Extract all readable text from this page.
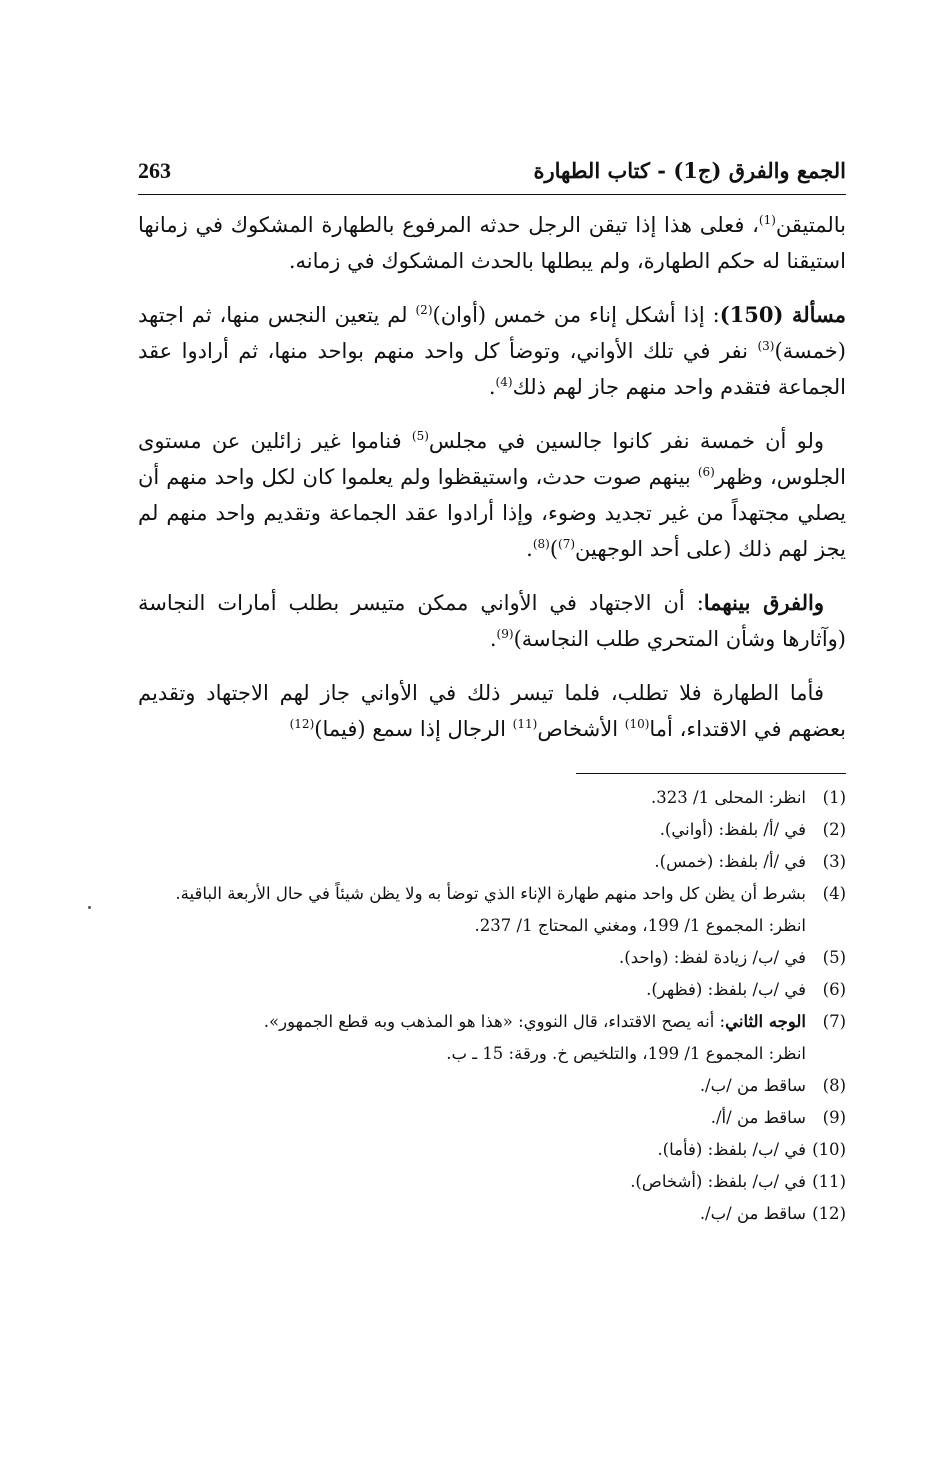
الجمع والفرق (ج1) - كتاب الطهارة
263

بالمتيقن$^{(1)}$، فعلى هذا إذا تيقن الرجل حدثه المرفوع بالطهارة المشكوك في زمانها استيقنا له حكم الطهارة، ولم يبطلها بالحدث المشكوك في زمانه.

مسألة (150): إذا أشكل إناء من خمس (أوان)$^{(2)}$ لم يتعين النجس منها، ثم اجتهد (خمسة)$^{(3)}$ نفر في تلك الأواني، وتوضأ كل واحد منهم بواحد منها، ثم أرادوا عقد الجماعة فتقدم واحد منهم جاز لهم ذلك$^{(4)}$.

ولو أن خمسة نفر كانوا جالسين في مجلس$^{(5)}$ فناموا غير زائلين عن مستوى الجلوس، وظهر$^{(6)}$ بينهم صوت حدث، واستيقظوا ولم يعلموا كان لكل واحد منهم أن يصلي مجتهداً من غير تجديد وضوء، وإذا أرادوا عقد الجماعة وتقديم واحد منهم لم يجز لهم ذلك (على أحد الوجهين$^{(7)}$)$^{(8)}$.

والفرق بينهما: أن الاجتهاد في الأواني ممكن متيسر بطلب أمارات النجاسة (وآثارها وشأن المتحري طلب النجاسة)$^{(9)}$.

فأما الطهارة فلا تطلب، فلما تيسر ذلك في الأواني جاز لهم الاجتهاد وتقديم بعضهم في الاقتداء، أما$^{(10)}$ الأشخاص$^{(11)}$ الرجال إذا سمع (فيما)$^{(12)}$

(1)
انظر: المحلى 1/ 323.
(2)
في /أ/ بلفظ: (أواني).
(3)
في /أ/ بلفظ: (خمس).
(4)
بشرط أن يظن كل واحد منهم طهارة الإناء الذي توضأ به ولا يظن شيئاً في حال الأربعة الباقية.
انظر: المجموع 1/ 199، ومغني المحتاج 1/ 237.
(5)
في /ب/ زيادة لفظ: (واحد).
(6)
في /ب/ بلفظ: (فظهر).
(7)
الوجه الثاني: أنه يصح الاقتداء، قال النووي: «هذا هو المذهب وبه قطع الجمهور».
انظر: المجموع 1/ 199، والتلخيص خ. ورقة: 15 ـ ب.
(8)
ساقط من /ب/.
(9)
ساقط من /أ/.
(10)
في /ب/ بلفظ: (فأما).
(11)
في /ب/ بلفظ: (أشخاص).
(12)
ساقط من /ب/.
